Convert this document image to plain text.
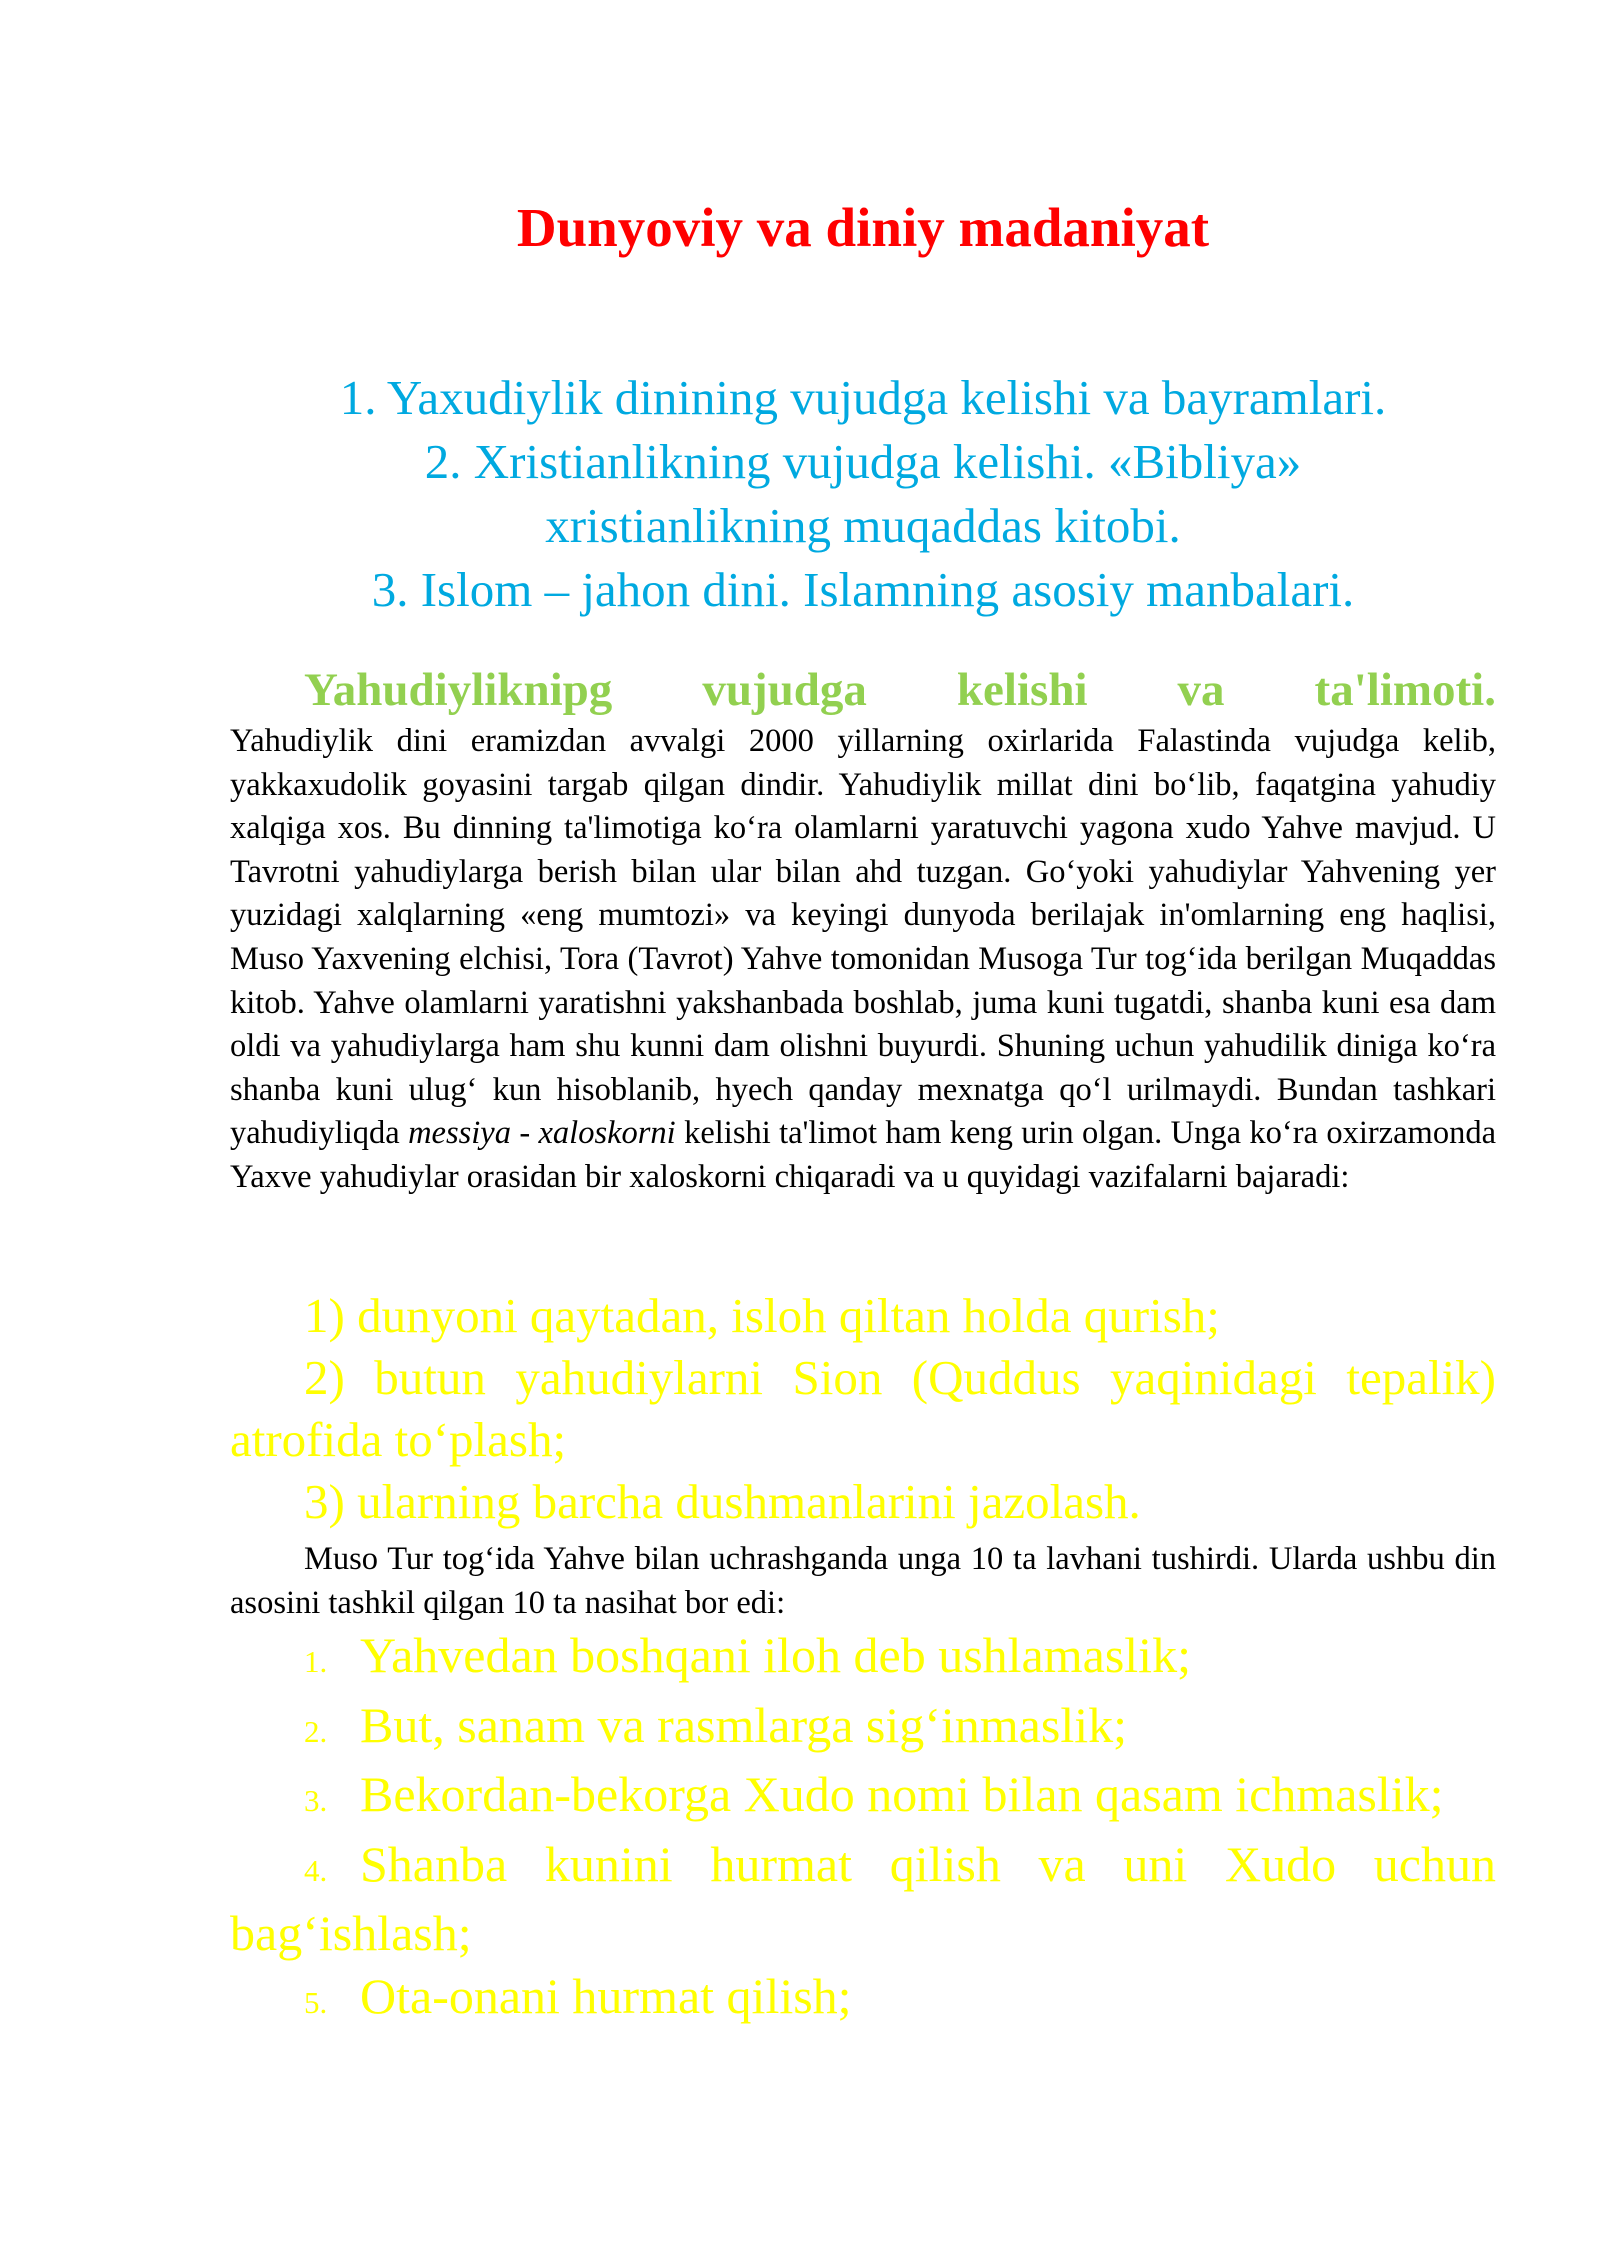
Dunyoviy va diniy madaniyat
1. Yaxudiylik dinining vujudga kelishi va bayramlari.
2. Xristianlikning vujudga kelishi. «Bibliya»
xristianlikning muqaddas kitobi.
3. Islom – jahon dini. Islamning asosiy manbalari.
Yahudiyliknipg vujudga kelishi va ta'limoti.
Yahudiylik dini eramizdan avvalgi 2000 yillarning oxirlarida Falastinda vujudga kelib, yakkaxudolik goyasini targab qilgan dindir. Yahudiylik millat dini bo‘lib, faqatgina yahudiy xalqiga xos. Bu dinning ta'limotiga ko‘ra olamlarni yaratuvchi yagona xudo Yahve mavjud. U Tavrotni yahudiylarga berish bilan ular bilan ahd tuzgan. Go‘yoki yahudiylar Yahvening yer yuzidagi xalqlarning «eng mumtozi» va keyingi dunyoda berilajak in'omlarning eng haqlisi, Muso Yaxvening elchisi, Tora (Tavrot) Yahve tomonidan Musoga Tur tog‘ida berilgan Muqaddas kitob. Yahve olamlarni yaratishni yakshanbada boshlab, juma kuni tugatdi, shanba kuni esa dam oldi va yahudiylarga ham shu kunni dam olishni buyurdi. Shuning uchun yahudilik diniga ko‘ra shanba kuni ulug‘ kun hisoblanib, hyech qanday mexnatga qo‘l urilmaydi. Bundan tashkari yahudiyliqda messiya - xaloskorni kelishi ta'limot ham keng urin olgan. Unga ko‘ra oxirzamonda Yaxve yahudiylar orasidan bir xaloskorni chiqaradi va u quyidagi vazifalarni bajaradi:

1) dunyoni qaytadan, isloh qiltan holda qurish;

2) butun yahudiylarni Sion (Quddus yaqinidagi tepalik) atrofida to‘plash;

3) ularning barcha dushmanlarini jazolash.

Muso Tur tog‘ida Yahve bilan uchrashganda unga 10 ta lavhani tushirdi. Ularda ushbu din asosini tashkil qilgan 10 ta nasihat bor edi:

1. Yahvedan boshqani iloh deb ushlamaslik;

2. But, sanam va rasmlarga sig‘inmaslik;

3. Bekordan-bekorga Xudo nomi bilan qasam ichmaslik;

4. Shanba kunini hurmat qilish va uni Xudo uchun bag‘ishlash;

5. Ota-onani hurmat qilish;
